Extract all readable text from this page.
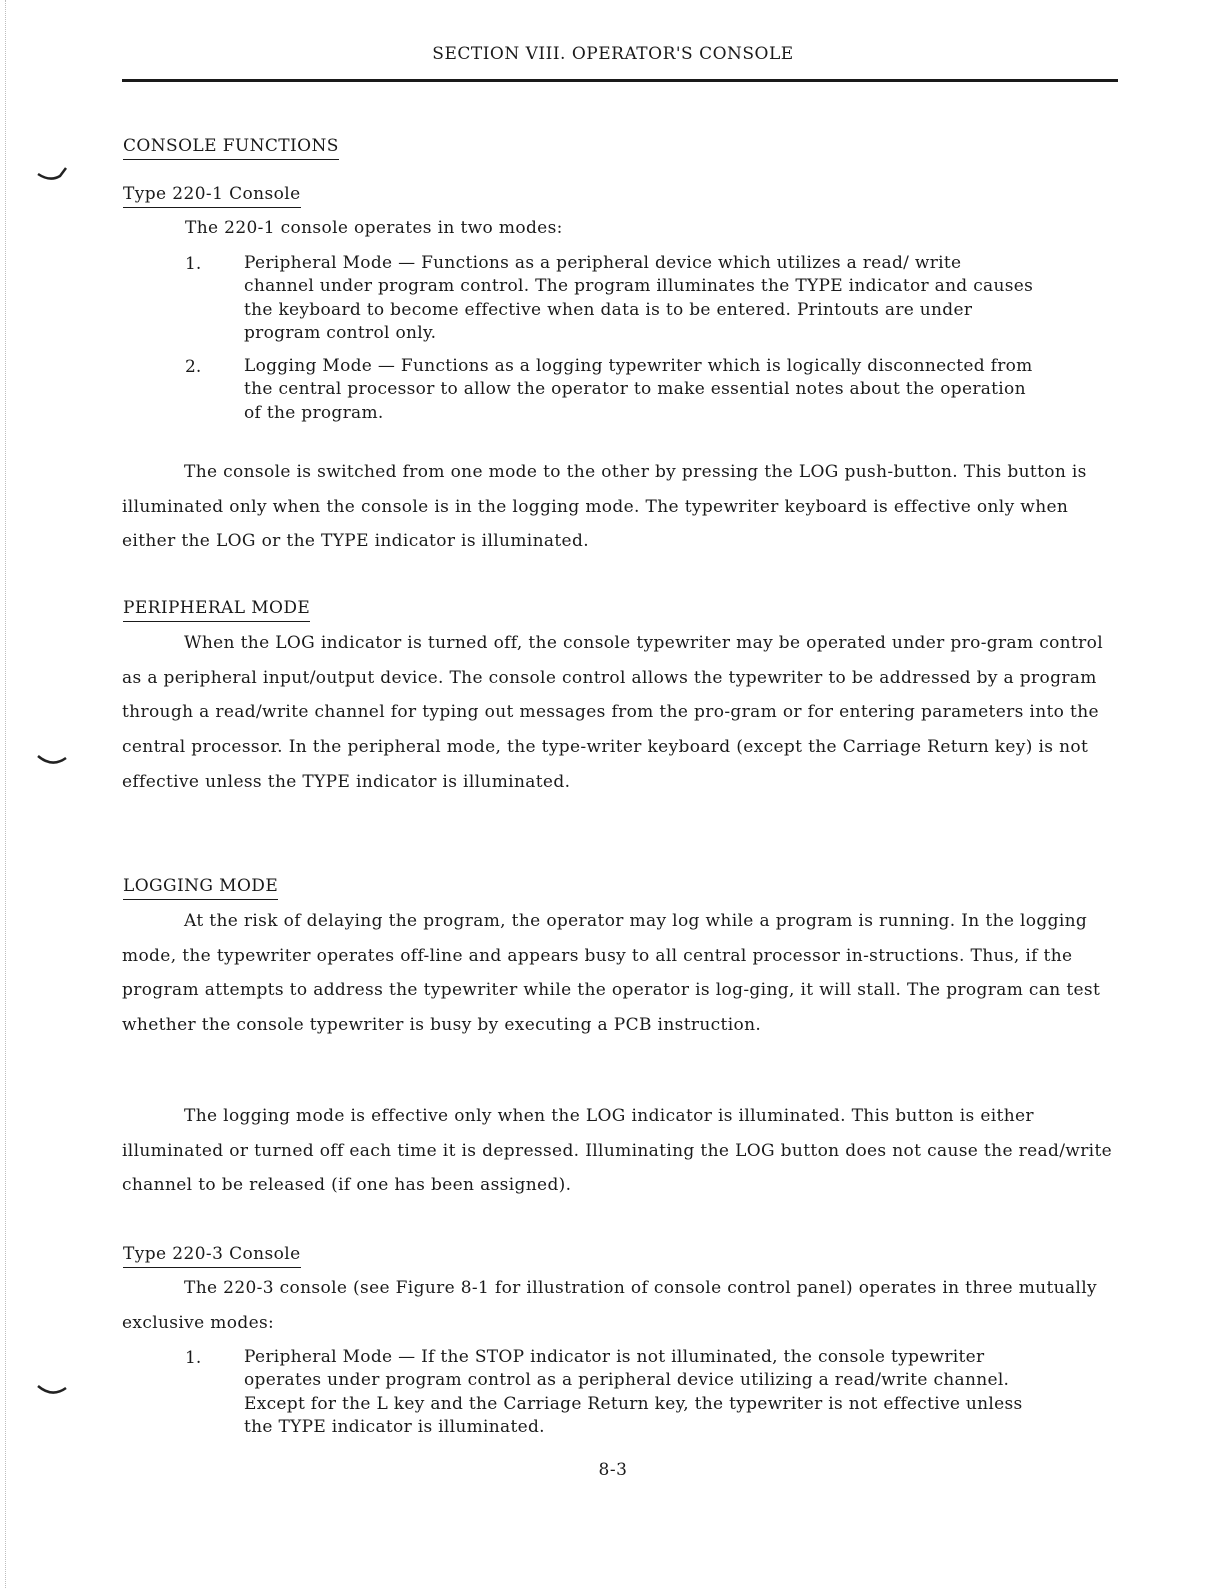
SECTION VIII. OPERATOR'S CONSOLE
CONSOLE FUNCTIONS
Type 220-1 Console
The 220-1 console operates in two modes:
1.	Peripheral Mode — Functions as a peripheral device which utilizes a read/ write channel under program control. The program illuminates the TYPE indicator and causes the keyboard to become effective when data is to be entered. Printouts are under program control only.
2.	Logging Mode — Functions as a logging typewriter which is logically disconnected from the central processor to allow the operator to make essential notes about the operation of the program.
The console is switched from one mode to the other by pressing the LOG push-button. This button is illuminated only when the console is in the logging mode. The typewriter keyboard is effective only when either the LOG or the TYPE indicator is illuminated.
PERIPHERAL MODE
When the LOG indicator is turned off, the console typewriter may be operated under pro-gram control as a peripheral input/output device. The console control allows the typewriter to be addressed by a program through a read/write channel for typing out messages from the pro-gram or for entering parameters into the central processor. In the peripheral mode, the type-writer keyboard (except the Carriage Return key) is not effective unless the TYPE indicator is illuminated.
LOGGING MODE
At the risk of delaying the program, the operator may log while a program is running. In the logging mode, the typewriter operates off-line and appears busy to all central processor in-structions. Thus, if the program attempts to address the typewriter while the operator is log-ging, it will stall. The program can test whether the console typewriter is busy by executing a PCB instruction.
The logging mode is effective only when the LOG indicator is illuminated. This button is either illuminated or turned off each time it is depressed. Illuminating the LOG button does not cause the read/write channel to be released (if one has been assigned).
Type 220-3 Console
The 220-3 console (see Figure 8-1 for illustration of console control panel) operates in three mutually exclusive modes:
1.	Peripheral Mode — If the STOP indicator is not illuminated, the console typewriter operates under program control as a peripheral device utilizing a read/write channel. Except for the L key and the Carriage Return key, the typewriter is not effective unless the TYPE indicator is illuminated.
8-3
